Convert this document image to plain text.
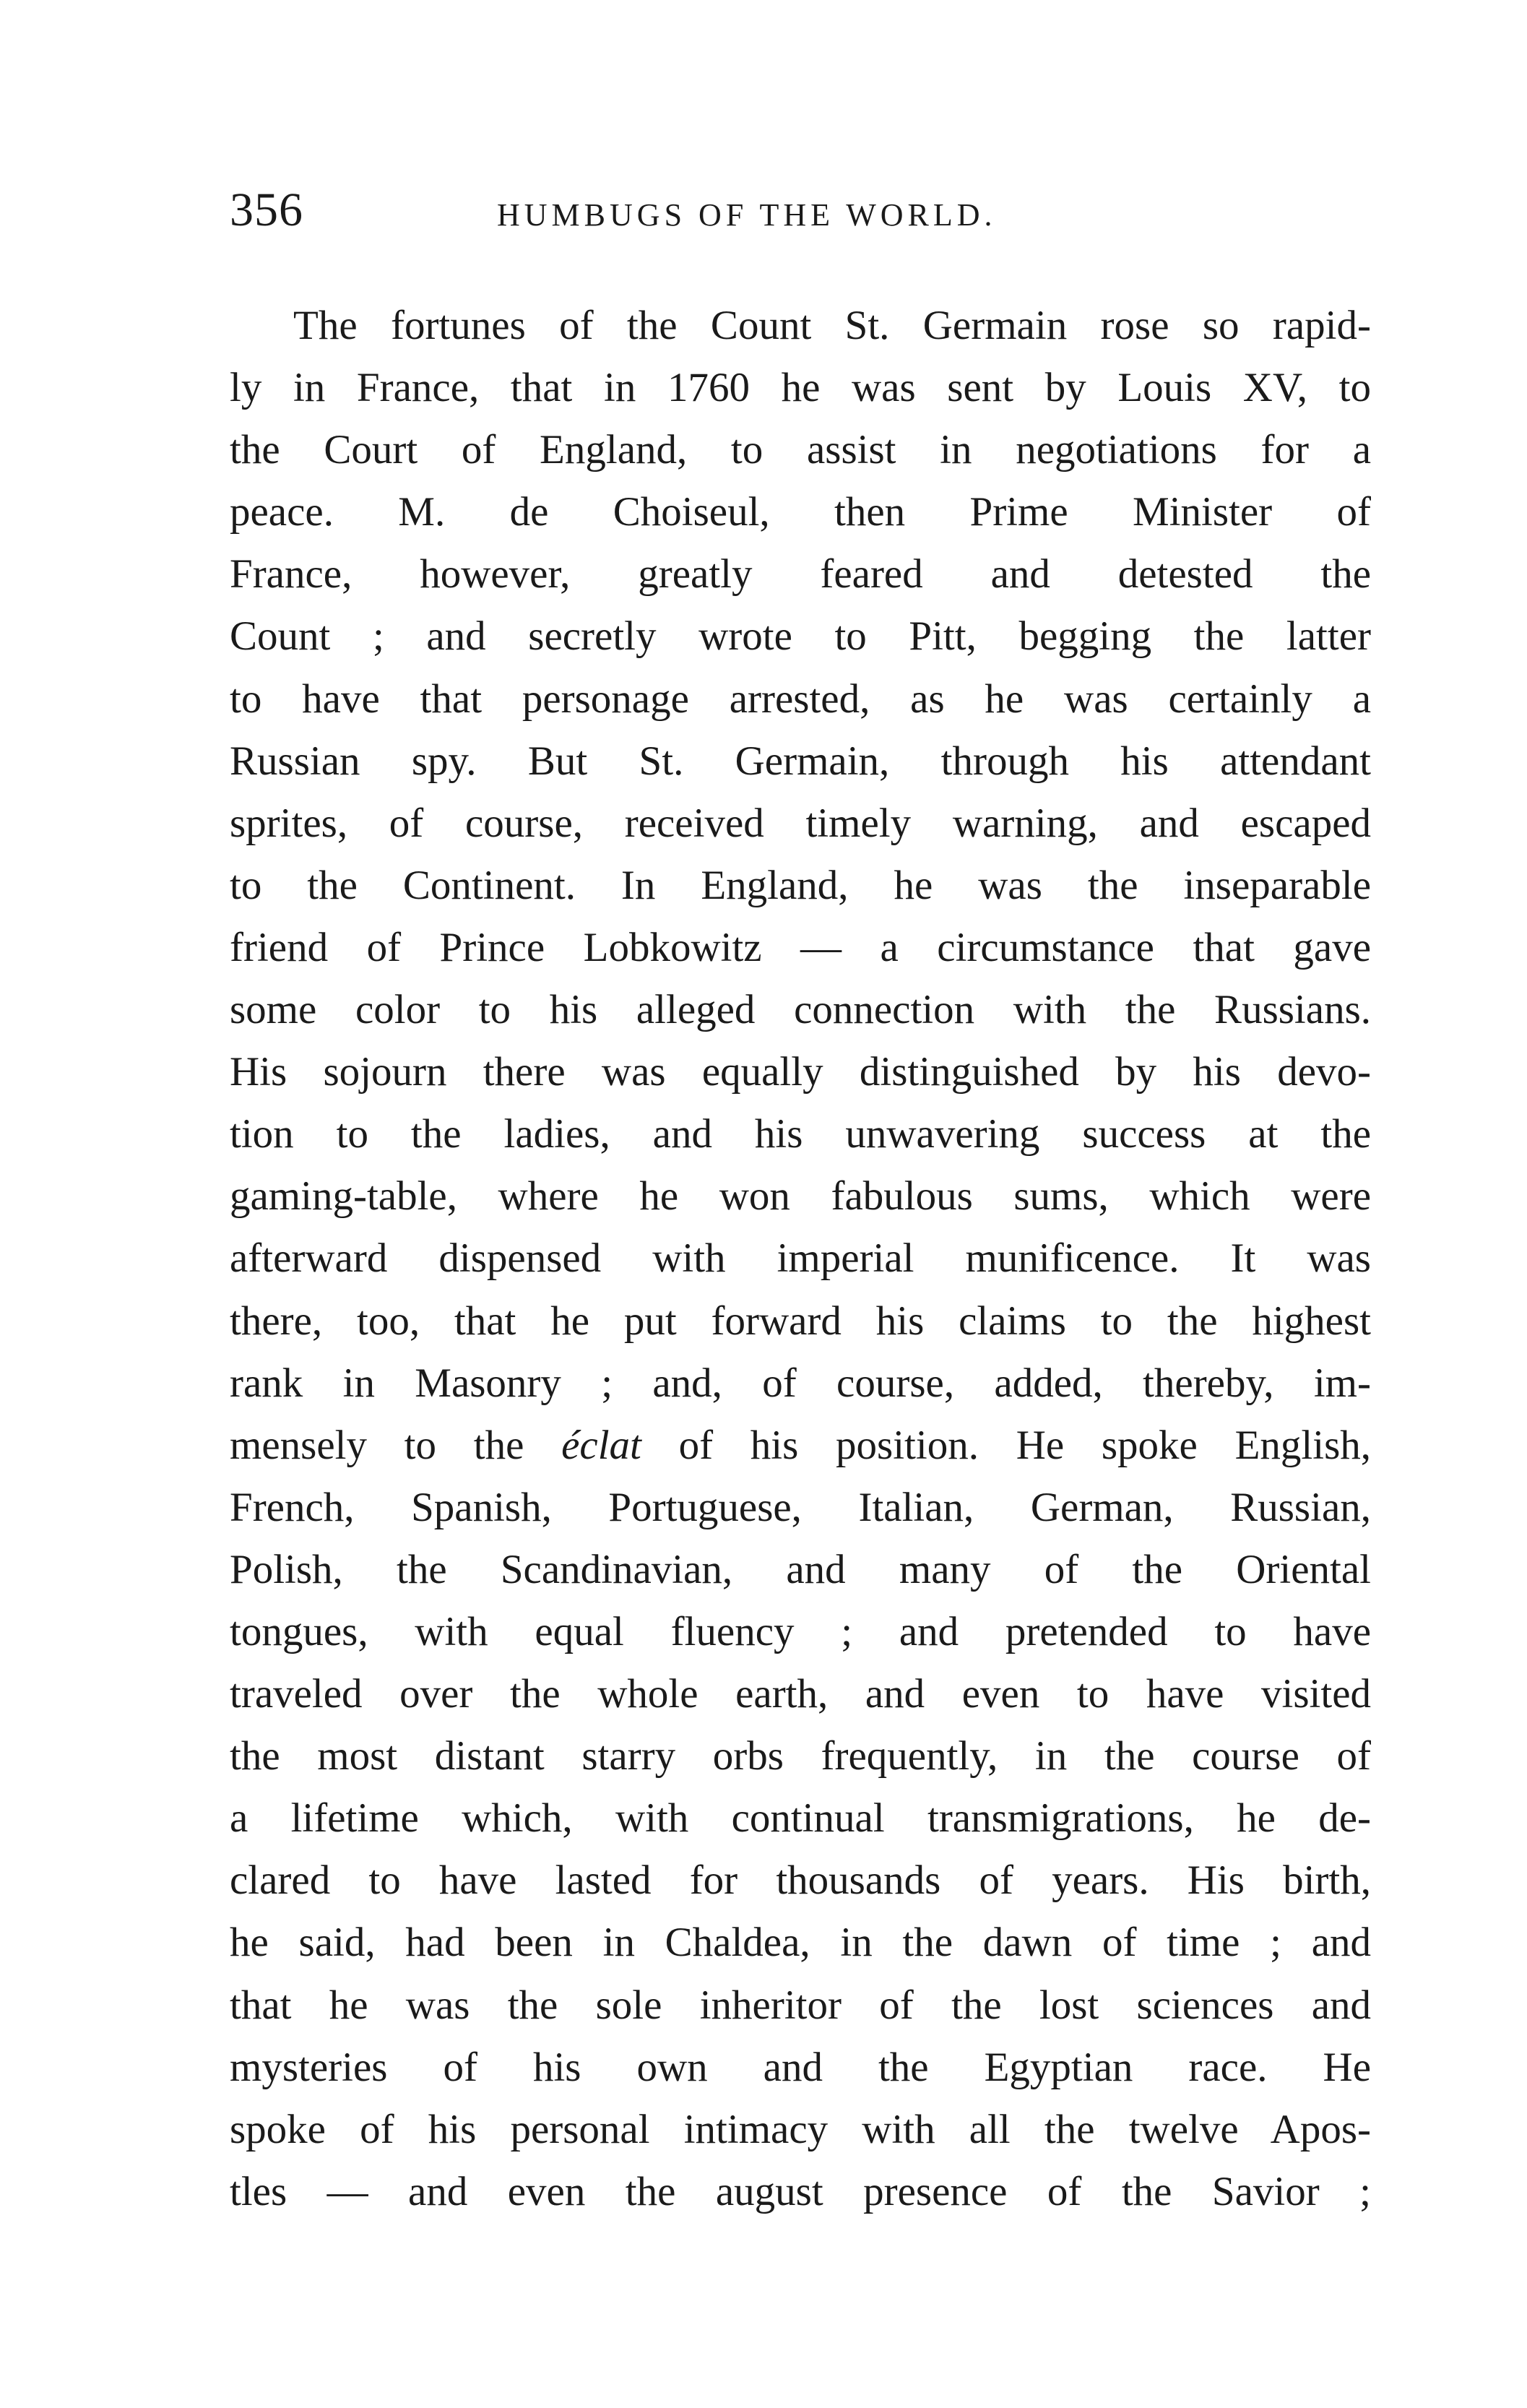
356	HUMBUGS OF THE WORLD.
The fortunes of the Count St. Germain rose so rapid-
ly in France, that in 1760 he was sent by Louis XV, to
the Court of England, to assist in negotiations for a
peace. M. de Choiseul, then Prime Minister of
France, however, greatly feared and detested the
Count ; and secretly wrote to Pitt, begging the latter
to have that personage arrested, as he was certainly a
Russian spy. But St. Germain, through his attendant
sprites, of course, received timely warning, and escaped
to the Continent. In England, he was the inseparable
friend of Prince Lobkowitz — a circumstance that gave
some color to his alleged connection with the Russians.
His sojourn there was equally distinguished by his devo-
tion to the ladies, and his unwavering success at the
gaming-table, where he won fabulous sums, which were
afterward dispensed with imperial munificence. It was
there, too, that he put forward his claims to the highest
rank in Masonry ; and, of course, added, thereby, im-
mensely to the éclat of his position. He spoke English,
French, Spanish, Portuguese, Italian, German, Russian,
Polish, the Scandinavian, and many of the Oriental
tongues, with equal fluency ; and pretended to have
traveled over the whole earth, and even to have visited
the most distant starry orbs frequently, in the course of
a lifetime which, with continual transmigrations, he de-
clared to have lasted for thousands of years. His birth,
he said, had been in Chaldea, in the dawn of time ; and
that he was the sole inheritor of the lost sciences and
mysteries of his own and the Egyptian race. He
spoke of his personal intimacy with all the twelve Apos-
tles — and even the august presence of the Savior ;
